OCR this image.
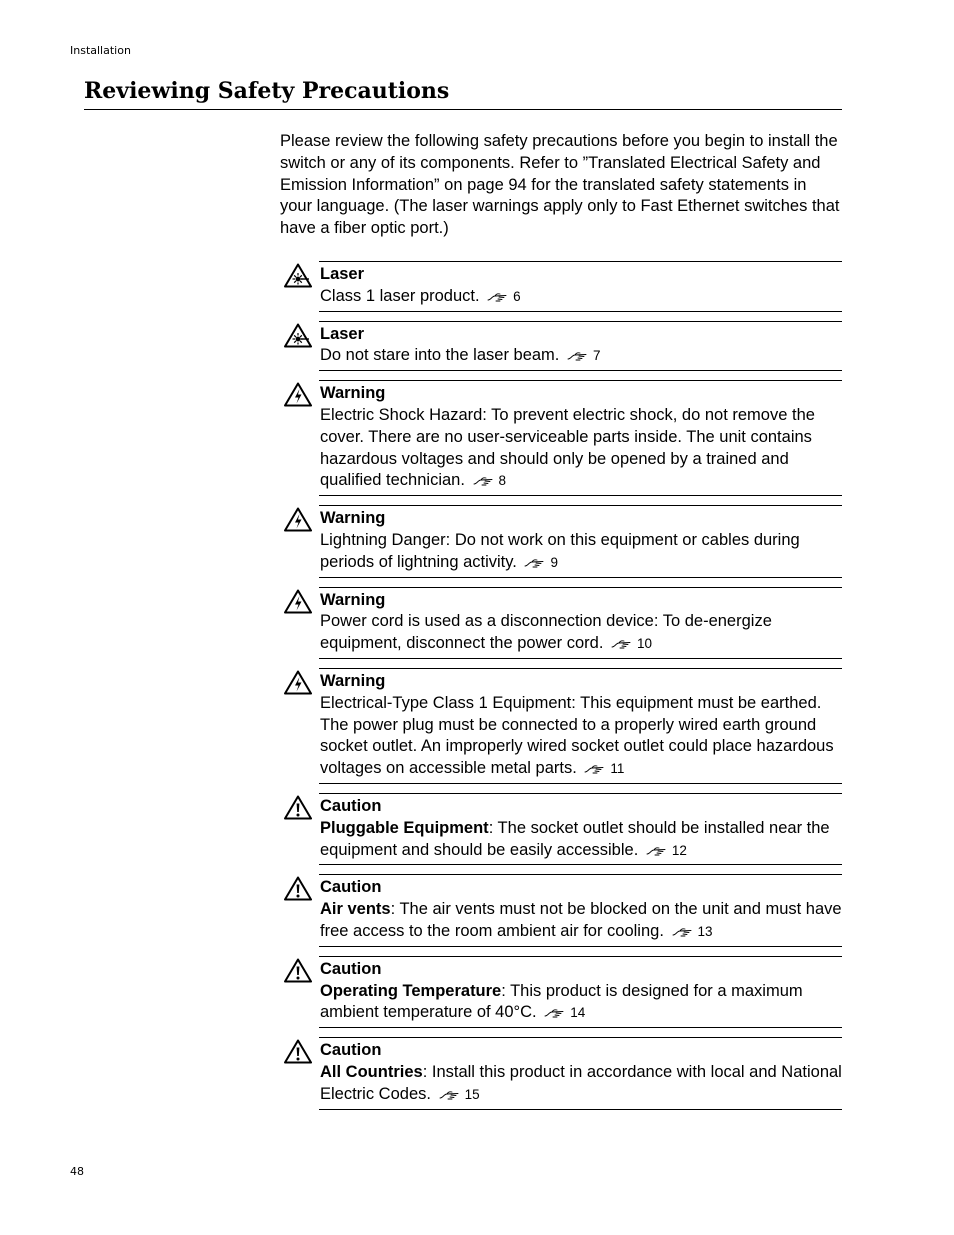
Installation
Reviewing Safety Precautions

Please review the following safety precautions before you begin to install the switch or any of its components. Refer to ”Translated Electrical Safety and Emission Information” on page 94 for the translated safety statements in your language. (The laser warnings apply only to Fast Ethernet switches that have a fiber optic port.)

Laser
Class 1 laser product. 6
Laser
Do not stare into the laser beam. 7
Warning
Electric Shock Hazard: To prevent electric shock, do not remove the cover. There are no user-serviceable parts inside. The unit contains hazardous voltages and should only be opened by a trained and qualified technician. 8
Warning
Lightning Danger: Do not work on this equipment or cables during periods of lightning activity. 9
Warning
Power cord is used as a disconnection device: To de-energize equipment, disconnect the power cord. 10
Warning
Electrical-Type Class 1 Equipment: This equipment must be earthed. The power plug must be connected to a properly wired earth ground socket outlet. An improperly wired socket outlet could place hazardous voltages on accessible metal parts. 11
Caution
Pluggable Equipment: The socket outlet should be installed near the equipment and should be easily accessible. 12
Caution
Air vents: The air vents must not be blocked on the unit and must have free access to the room ambient air for cooling. 13
Caution
Operating Temperature: This product is designed for a maximum ambient temperature of 40°C. 14
Caution
All Countries: Install this product in accordance with local and National Electric Codes. 15
48
